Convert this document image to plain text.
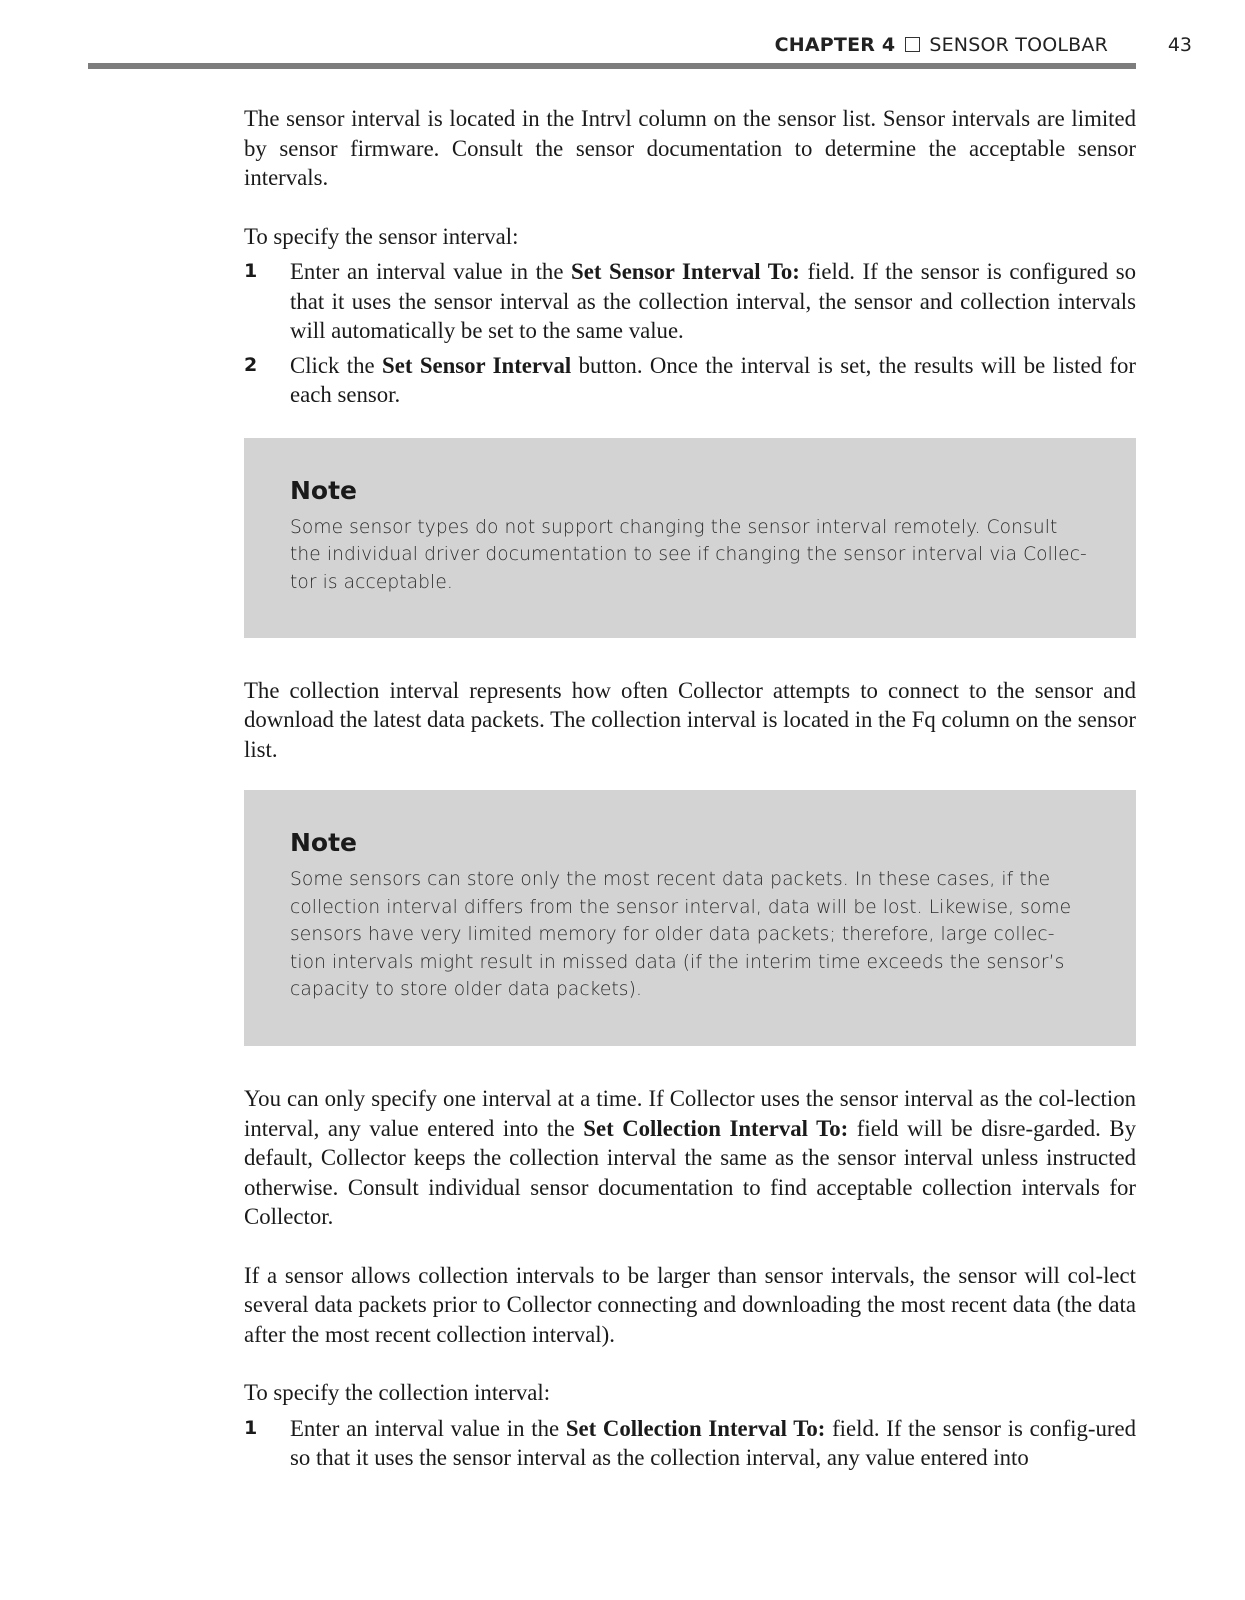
CHAPTER 4 SENSOR TOOLBAR	43

The sensor interval is located in the Intrvl column on the sensor list. Sensor intervals are limited by sensor firmware. Consult the sensor documentation to determine the acceptable sensor intervals.

To specify the sensor interval:

1 Enter an interval value in the Set Sensor Interval To: field. If the sensor is configured so that it uses the sensor interval as the collection interval, the sensor and collection intervals will automatically be set to the same value.
2 Click the Set Sensor Interval button. Once the interval is set, the results will be listed for each sensor.
Note
Some sensor types do not support changing the sensor interval remotely. Consult the individual driver documentation to see if changing the sensor interval via Collec-tor is acceptable.

The collection interval represents how often Collector attempts to connect to the sensor and download the latest data packets. The collection interval is located in the Fq column on the sensor list.

Note
Some sensors can store only the most recent data packets. In these cases, if the collection interval differs from the sensor interval, data will be lost. Likewise, some sensors have very limited memory for older data packets; therefore, large collec-tion intervals might result in missed data (if the interim time exceeds the sensor’s capacity to store older data packets).

You can only specify one interval at a time. If Collector uses the sensor interval as the col-lection interval, any value entered into the Set Collection Interval To: field will be disre-garded. By default, Collector keeps the collection interval the same as the sensor interval unless instructed otherwise. Consult individual sensor documentation to find acceptable collection intervals for Collector.

If a sensor allows collection intervals to be larger than sensor intervals, the sensor will col-lect several data packets prior to Collector connecting and downloading the most recent data (the data after the most recent collection interval).

To specify the collection interval:

1 Enter an interval value in the Set Collection Interval To: field. If the sensor is config-ured so that it uses the sensor interval as the collection interval, any value entered into
